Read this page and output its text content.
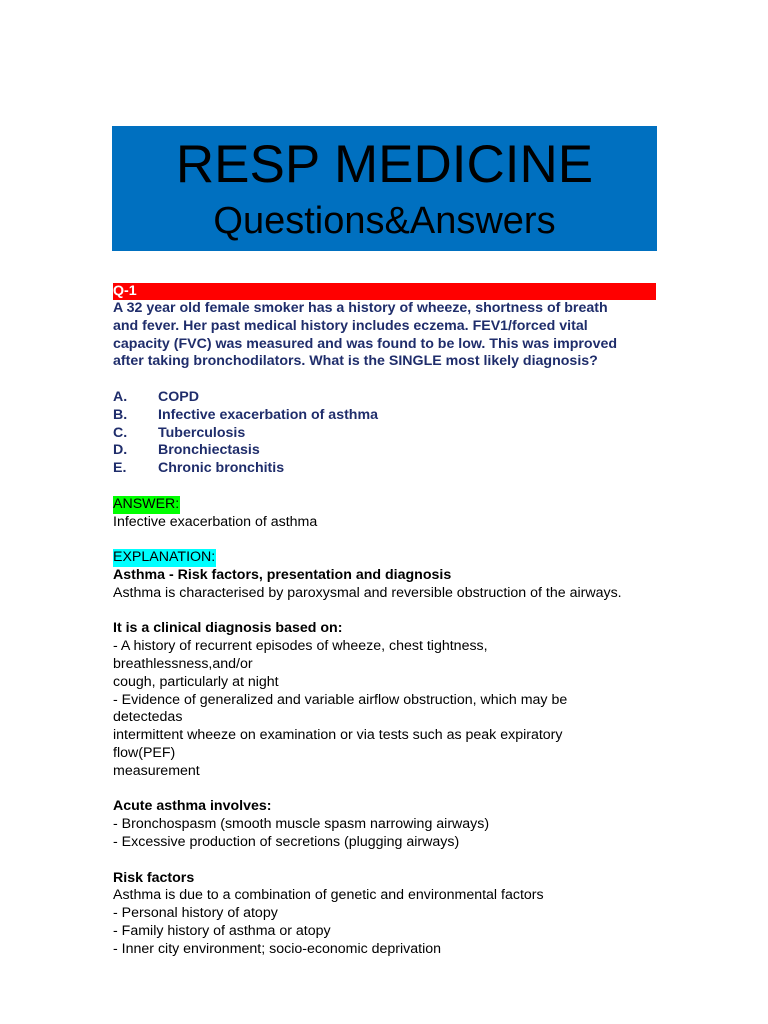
RESP MEDICINE
Questions&Answers
Q-1
A 32 year old female smoker has a history of wheeze, shortness of breath
and fever. Her past medical history includes eczema. FEV1/forced vital
capacity (FVC) was measured and was found to be low. This was improved
after taking bronchodilators. What is the SINGLE most likely diagnosis?
A.	COPD
B.	Infective exacerbation of asthma
C.	Tuberculosis
D.	Bronchiectasis
E.	Chronic bronchitis
ANSWER:
Infective exacerbation of asthma
EXPLANATION:
Asthma - Risk factors, presentation and diagnosis
Asthma is characterised by paroxysmal and reversible obstruction of the airways.
It is a clinical diagnosis based on:
- A history of recurrent episodes of wheeze, chest tightness,
breathlessness,and/or
cough, particularly at night
- Evidence of generalized and variable airflow obstruction, which may be
detectedas
intermittent wheeze on examination or via tests such as peak expiratory
flow(PEF)
measurement
Acute asthma involves:
- Bronchospasm (smooth muscle spasm narrowing airways)
- Excessive production of secretions (plugging airways)
Risk factors
Asthma is due to a combination of genetic and environmental factors
- Personal history of atopy
- Family history of asthma or atopy
- Inner city environment; socio-economic deprivation
